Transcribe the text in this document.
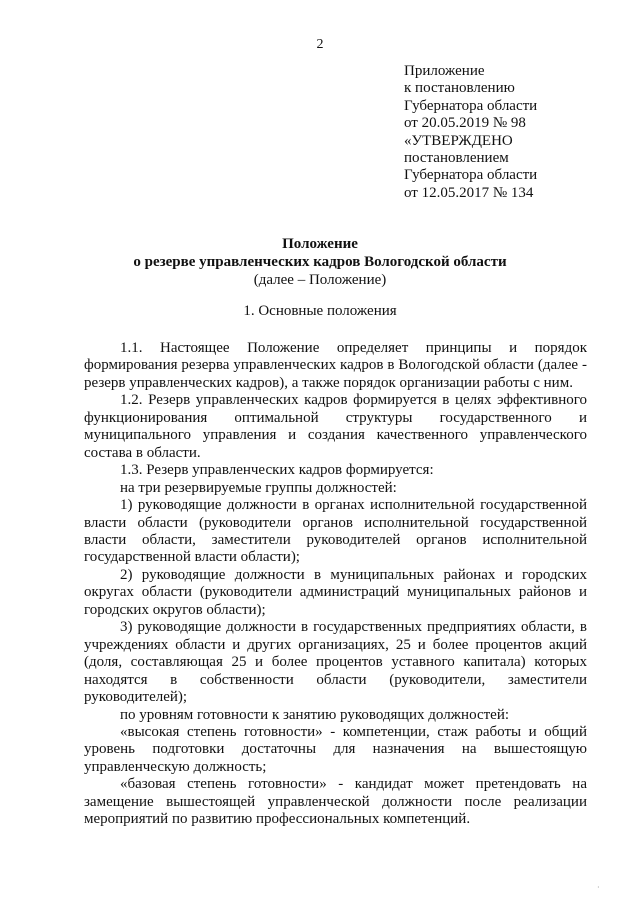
2
Приложение
к постановлению
Губернатора области
от 20.05.2019 № 98
«УТВЕРЖДЕНО
постановлением
Губернатора области
от 12.05.2017 № 134
Положение
о резерве управленческих кадров Вологодской области
(далее – Положение)
1. Основные положения

1.1. Настоящее Положение определяет принципы и порядок формирования резерва управленческих кадров в Вологодской области (далее - резерв управленческих кадров), а также порядок организации работы с ним.

1.2. Резерв управленческих кадров формируется в целях эффективного функционирования оптимальной структуры государственного и муниципального управления и создания качественного управленческого состава в области.

1.3. Резерв управленческих кадров формируется:

на три резервируемые группы должностей:

1) руководящие должности в органах исполнительной государственной власти области (руководители органов исполнительной государственной власти области, заместители руководителей органов исполнительной государственной власти области);

2) руководящие должности в муниципальных районах и городских округах области (руководители администраций муниципальных районов и городских округов области);

3) руководящие должности в государственных предприятиях области, в учреждениях области и других организациях, 25 и более процентов акций (доля, составляющая 25 и более процентов уставного капитала) которых находятся в собственности области (руководители, заместители руководителей);

по уровням готовности к занятию руководящих должностей:

«высокая степень готовности» - компетенции, стаж работы и общий уровень подготовки достаточны для назначения на вышестоящую управленческую должность;

«базовая степень готовности» - кандидат может претендовать на замещение вышестоящей управленческой должности после реализации мероприятий по развитию профессиональных компетенций.

·
